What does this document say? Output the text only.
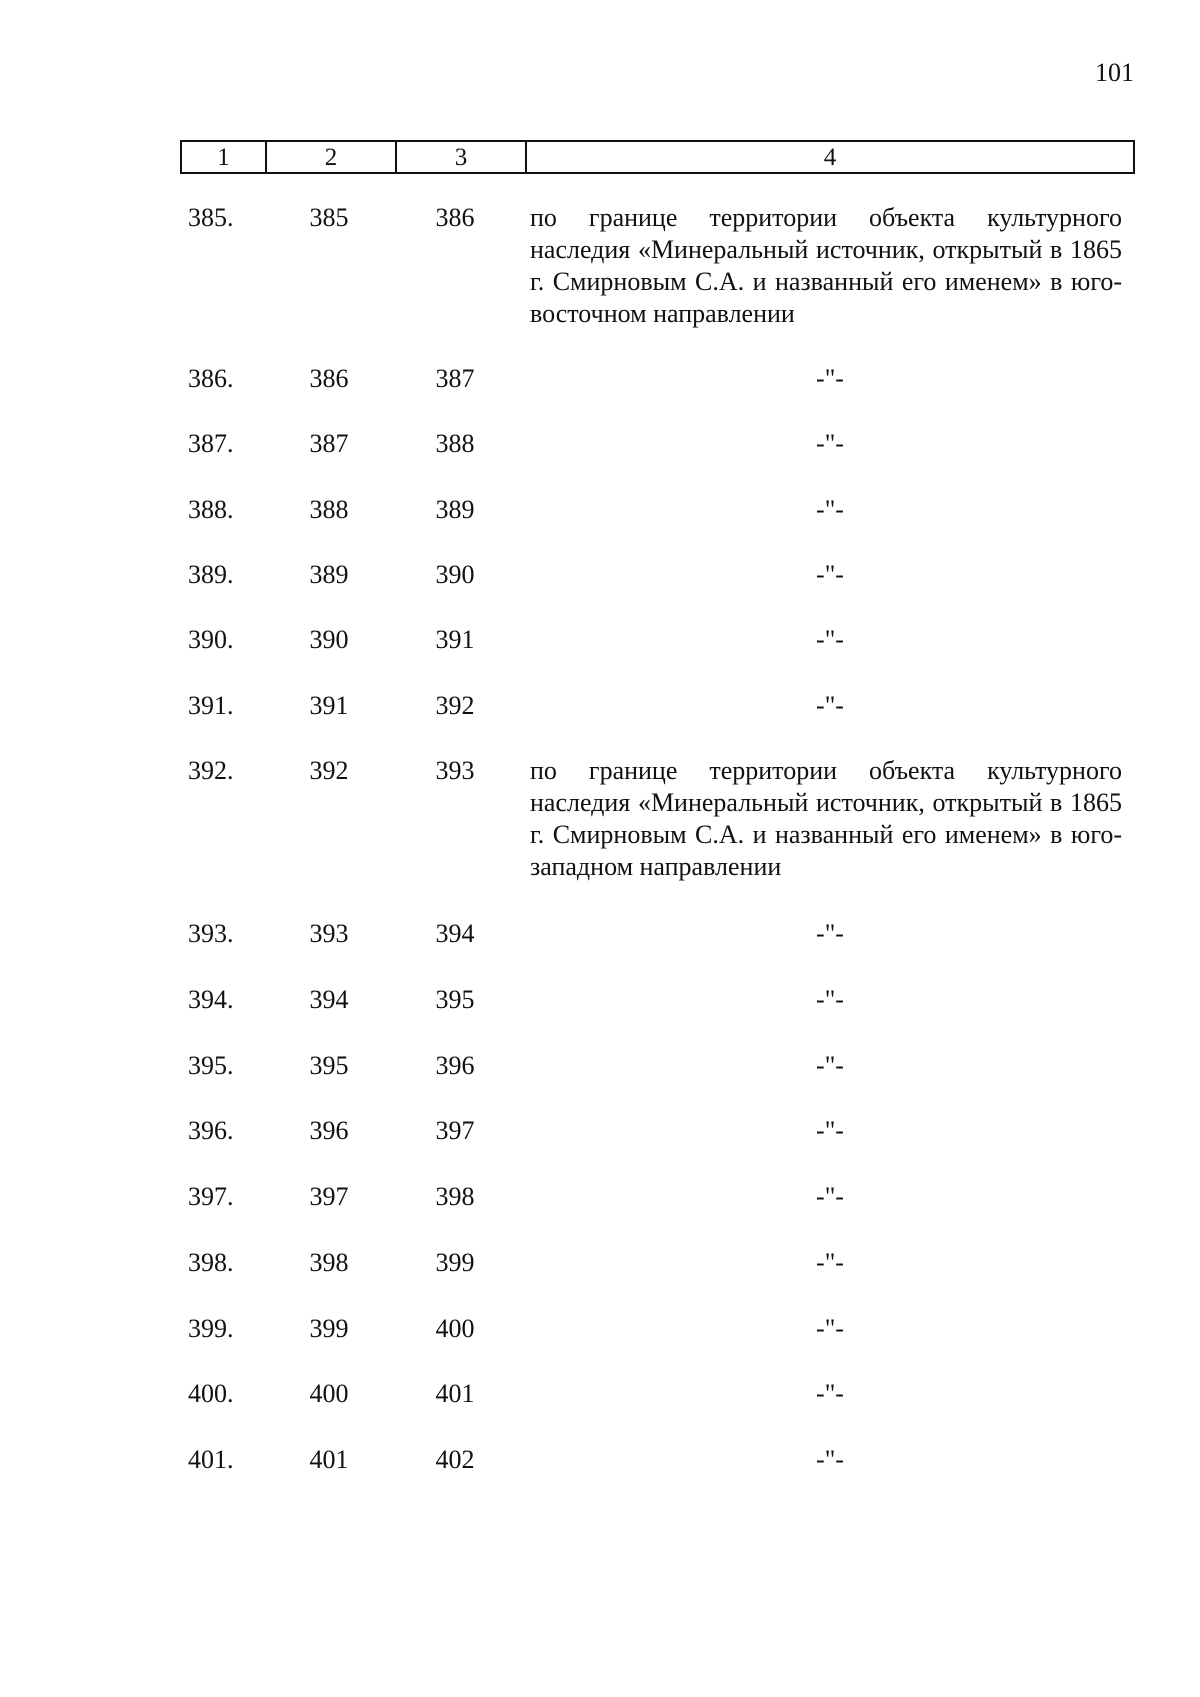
101
1	2	3	4
385.	385	386	по границе территории объекта культурного наследия «Минеральный источник, открытый в 1865 г. Смирновым С.А. и названный его именем» в юго-восточном направлении
386.	386	387	-"-
387.	387	388	-"-
388.	388	389	-"-
389.	389	390	-"-
390.	390	391	-"-
391.	391	392	-"-
392.	392	393	по границе территории объекта культурного наследия «Минеральный источник, открытый в 1865 г. Смирновым С.А. и названный его именем» в юго-западном направлении
393.	393	394	-"-
394.	394	395	-"-
395.	395	396	-"-
396.	396	397	-"-
397.	397	398	-"-
398.	398	399	-"-
399.	399	400	-"-
400.	400	401	-"-
401.	401	402	-"-
